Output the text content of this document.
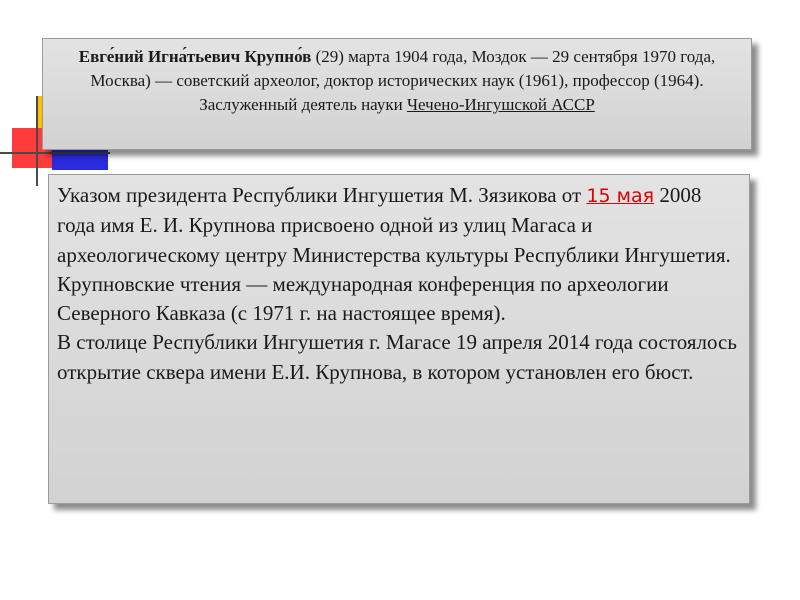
Евге́ний Игна́тьевич Крупно́в (29) марта 1904 года, Моздок — 29 сентября 1970 года, Москва) — советский археолог, доктор исторических наук (1961), профессор (1964). Заслуженный деятель науки Чечено-Ингушской АССР

Указом президента Республики Ингушетия М. Зязикова от 15 мая 2008 года имя Е. И. Крупнова присвоено одной из улиц Магаса и археологическому центру Министерства культуры Республики Ингушетия.

Крупновские чтения — международная конференция по археологии Северного Кавказа (с 1971 г. на настоящее время).

В столице Республики Ингушетия г. Магасе 19 апреля 2014 года состоялось открытие сквера имени Е.И. Крупнова, в котором установлен его бюст.
